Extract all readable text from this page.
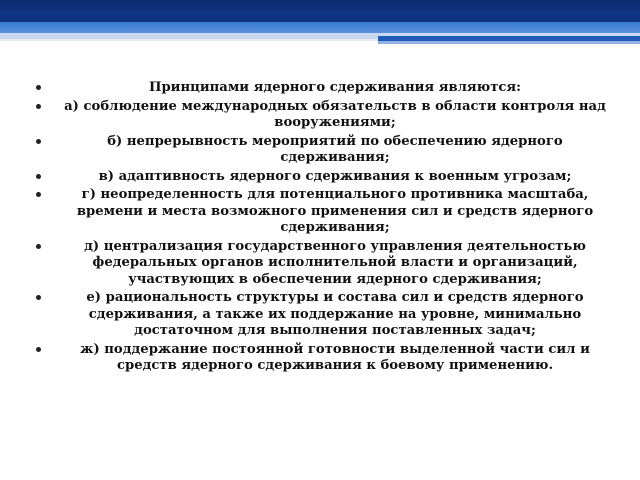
Принципами ядерного сдерживания являются:
а) соблюдение международных обязательств в области контроля над вооружениями;
б) непрерывность мероприятий по обеспечению ядерного сдерживания;
в) адаптивность ядерного сдерживания к военным угрозам;
г) неопределенность для потенциального противника масштаба, времени и места возможного применения сил и средств ядерного сдерживания;
д) централизация государственного управления деятельностью федеральных органов исполнительной власти и организаций, участвующих в обеспечении ядерного сдерживания;
е) рациональность структуры и состава сил и средств ядерного сдерживания, а также их поддержание на уровне, минимально достаточном для выполнения поставленных задач;
ж) поддержание постоянной готовности выделенной части сил и средств ядерного сдерживания к боевому применению.
